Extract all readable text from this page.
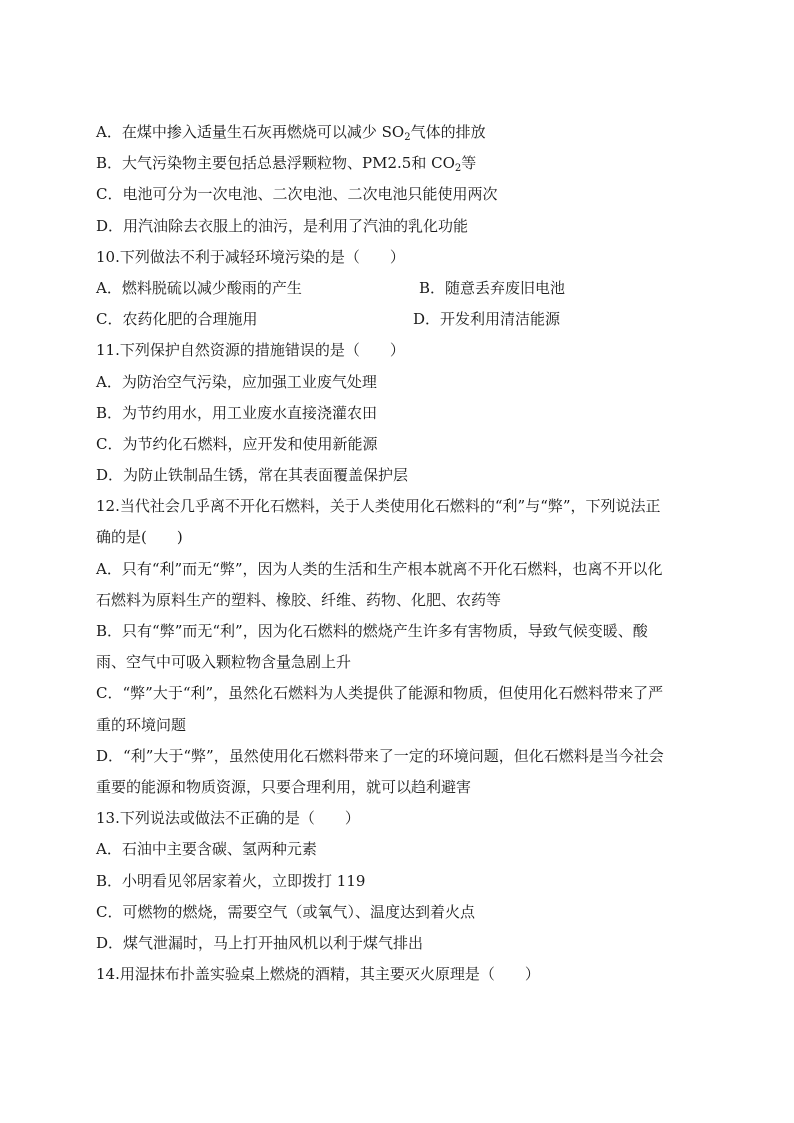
A．在煤中掺入适量生石灰再燃烧可以减少 $SO_2$气体的排放
B．大气污染物主要包括总悬浮颗粒物、PM2.5和 $CO_2$等
C．电池可分为一次电池、二次电池、二次电池只能使用两次
D．用汽油除去衣服上的油污，是利用了汽油的乳化功能
10.下列做法不利于减轻环境污染的是（　　）
A．燃料脱硫以减少酸雨的产生	B．随意丢弃废旧电池
C．农药化肥的合理施用	D．开发利用清洁能源
11.下列保护自然资源的措施错误的是（　　）
A．为防治空气污染，应加强工业废气处理
B．为节约用水，用工业废水直接浇灌农田
C．为节约化石燃料，应开发和使用新能源
D．为防止铁制品生锈，常在其表面覆盖保护层
12.当代社会几乎离不开化石燃料，关于人类使用化石燃料的“利”与“弊”，下列说法正
确的是(　　)
A．只有“利”而无“弊”，因为人类的生活和生产根本就离不开化石燃料，也离不开以化
石燃料为原料生产的塑料、橡胶、纤维、药物、化肥、农药等
B．只有“弊”而无“利”，因为化石燃料的燃烧产生许多有害物质，导致气候变暖、酸
雨、空气中可吸入颗粒物含量急剧上升
C．“弊”大于“利”，虽然化石燃料为人类提供了能源和物质，但使用化石燃料带来了严
重的环境问题
D．“利”大于“弊”，虽然使用化石燃料带来了一定的环境问题，但化石燃料是当今社会
重要的能源和物质资源，只要合理利用，就可以趋利避害
13.下列说法或做法不正确的是（　　）
A．石油中主要含碳、氢两种元素
B．小明看见邻居家着火，立即拨打 119
C．可燃物的燃烧，需要空气（或氧气）、温度达到着火点
D．煤气泄漏时，马上打开抽风机以利于煤气排出
14.用湿抹布扑盖实验桌上燃烧的酒精，其主要灭火原理是（　　）
